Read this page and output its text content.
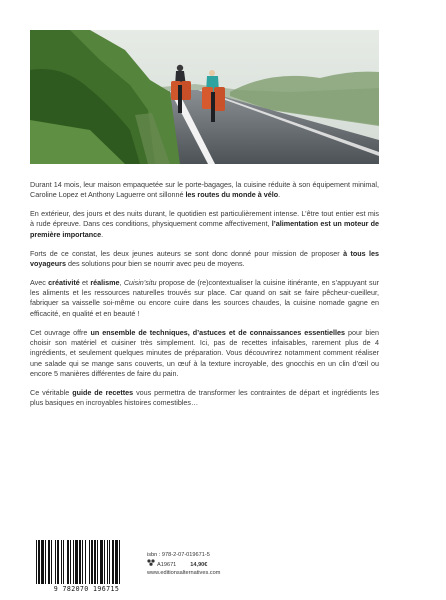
Durant 14 mois, leur maison empaquetée sur le porte-bagages, la cuisine réduite à son équipement minimal, Caroline Lopez et Anthony Laguerre ont sillonné les routes du monde à vélo.

En extérieur, des jours et des nuits durant, le quotidien est particulièrement intense. L’être tout entier est mis à rude épreuve. Dans ces conditions, physiquement comme affectivement, l’alimentation est un moteur de première importance.

Forts de ce constat, les deux jeunes auteurs se sont donc donné pour mission de proposer à tous les voyageurs des solutions pour bien se nourrir avec peu de moyens.

Avec créativité et réalisme, Cuisin’situ propose de (re)contextualiser la cuisine itinérante, en s’appuyant sur les aliments et les ressources naturelles trouvés sur place. Car quand on sait se faire pêcheur-cueilleur, fabriquer sa vaisselle soi-même ou encore cuire dans les sources chaudes, la cuisine nomade gagne en efficacité, en qualité et en beauté !

Cet ouvrage offre un ensemble de techniques, d’astuces et de connaissances essentielles pour bien choisir son matériel et cuisiner très simplement. Ici, pas de recettes infaisables, rarement plus de 4 ingrédients, et seulement quelques minutes de préparation. Vous découvrirez notamment comment réaliser une salade qui se mange sans couverts, un œuf à la texture incroyable, des gnocchis en un clin d’œil ou encore 5 manières différentes de faire du pain.

Ce véritable guide de recettes vous permettra de transformer les contraintes de départ et ingrédients les plus basiques en incroyables histoires comestibles…

9 782070 196715
isbn : 978-2-07-019671-5
A19671	14,90€
www.editionsalternatives.com
